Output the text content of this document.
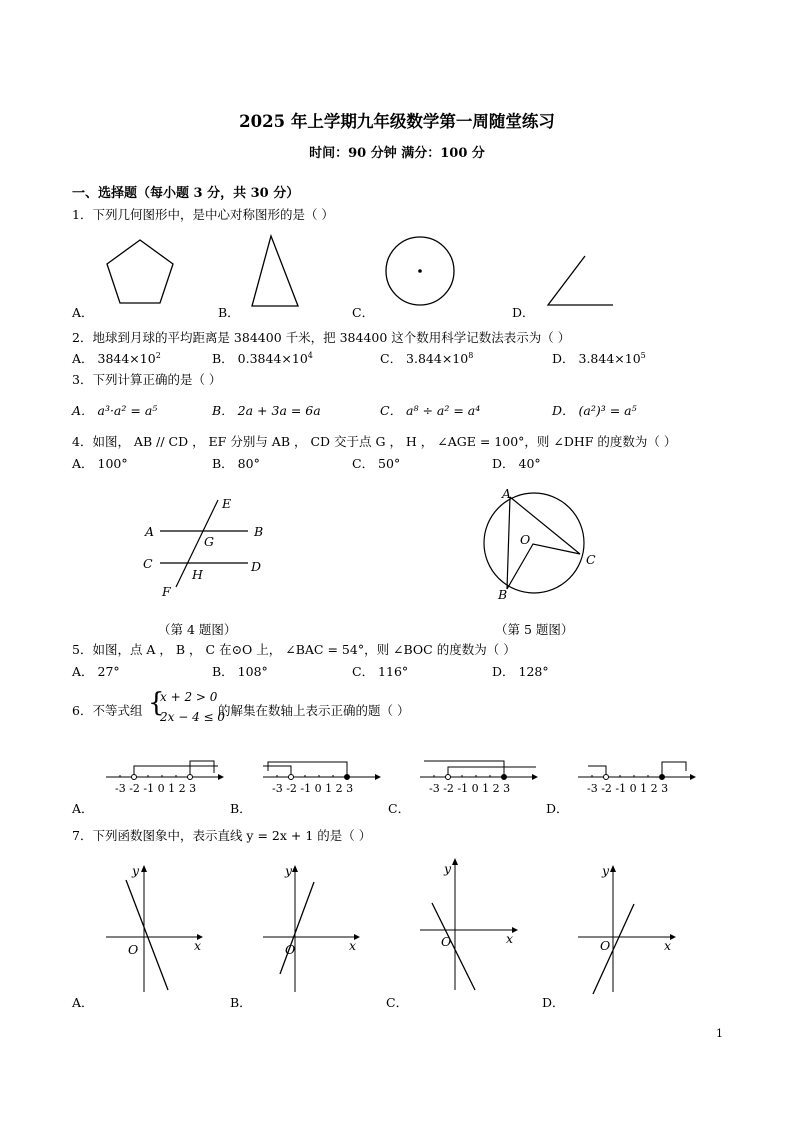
2025 年上学期九年级数学第一周随堂练习
时间：90 分钟 满分：100 分
一、选择题（每小题 3 分，共 30 分）
1．下列几何图形中，是中心对称图形的是（ ）
A．	B．	C．	D．
2．地球到月球的平均距离是 384400 千米，把 384400 这个数用科学记数法表示为（ ）
A． $3844\times 10^2$	B． $0.3844\times 10^4$	C． $3.844\times 10^8$	D． $3.844\times 10^5$
3．下列计算正确的是（ ）
A． a³·a² = a⁵	B． 2a + 3a = 6a	C． a⁸ ÷ a² = a⁴	D． (a²)³ = a⁵
4．如图， AB // CD ， EF 分别与 AB ， CD 交于点 G ， H ， ∠AGE = 100°，则 ∠DHF 的度数为（ ）
A． 100°	B． 80°	C． 50°	D． 40°
A	B
C	D
E
F
G
H
（第 4 题图）
A
O
C
B
（第 5 题图）
5．如图，点 A ， B ， C 在⊙O 上， ∠BAC = 54°，则 ∠BOC 的度数为（ ）
A． 27°	B． 108°	C． 116°	D． 128°
6．不等式组 {
x + 2 > 0
2x − 4 ≤ 0
的解集在数轴上表示正确的题（ ）
-3 -2 -1 0 1 2 3	-3 -2 -1 0 1 2 3	-3 -2 -1 0 1 2 3	-3 -2 -1 0 1 2 3
A．	B．	C．	D．
7．下列函数图象中，表示直线 y = 2x + 1 的是（ ）
y
x
O
y
x
O
y
x
O
y
x
O
A．	B．	C．	D．
1
